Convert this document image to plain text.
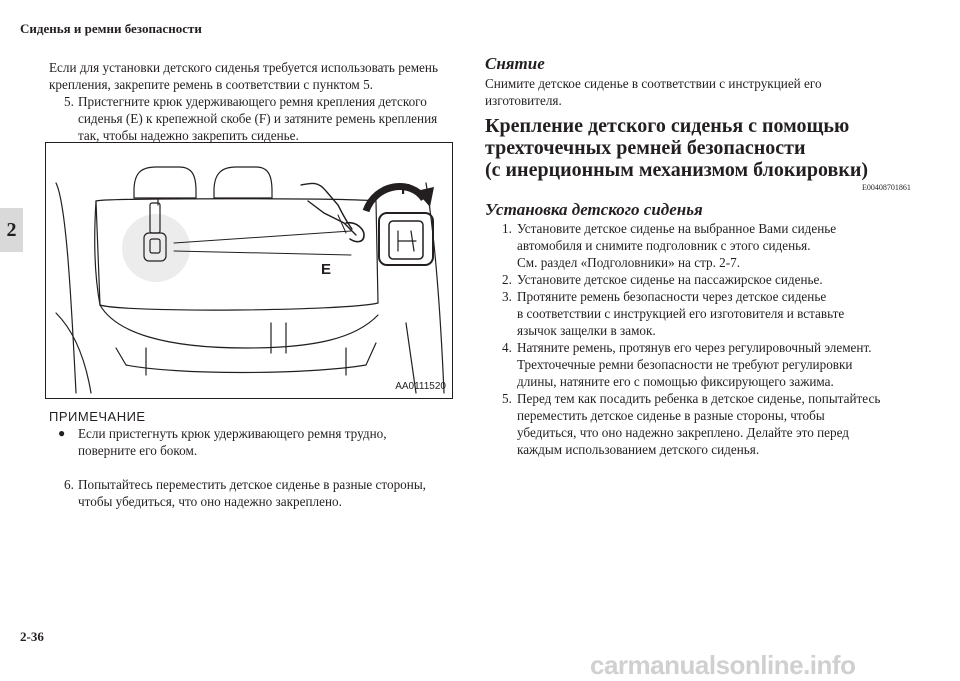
Сиденья и ремни безопасности
2
2-36
Если для установки детского сиденья требуется использовать ремень
крепления, закрепите ремень в соответствии с пунктом 5.
5. Пристегните крюк удерживающего ремня крепления детского
сиденья (E) к крепежной скобе (F) и затяните ремень крепления
так, чтобы надежно закрепить сиденье.
F
E
AA0111520
ПРИМЕЧАНИЕ
● Если пристегнуть крюк удерживающего ремня трудно,
поверните его боком.
6. Попытайтесь переместить детское сиденье в разные стороны,
чтобы убедиться, что оно надежно закреплено.
Снятие
Снимите детское сиденье в соответствии с инструкцией его
изготовителя.
Крепление детского сиденья с помощью
трехточечных ремней безопасности
(с инерционным механизмом блокировки)
E00408701861
Установка детского сиденья
1. Установите детское сиденье на выбранное Вами сиденье
автомобиля и снимите подголовник с этого сиденья.
См. раздел «Подголовники» на стр. 2-7.
2. Установите детское сиденье на пассажирское сиденье.
3. Протяните ремень безопасности через детское сиденье
в соответствии с инструкцией его изготовителя и вставьте
язычок защелки в замок.
4. Натяните ремень, протянув его через регулировочный элемент.
Трехточечные ремни безопасности не требуют регулировки
длины, натяните его с помощью фиксирующего зажима.
5. Перед тем как посадить ребенка в детское сиденье, попытайтесь
переместить детское сиденье в разные стороны, чтобы
убедиться, что оно надежно закреплено. Делайте это перед
каждым использованием детского сиденья.
carmanualsonline.info
